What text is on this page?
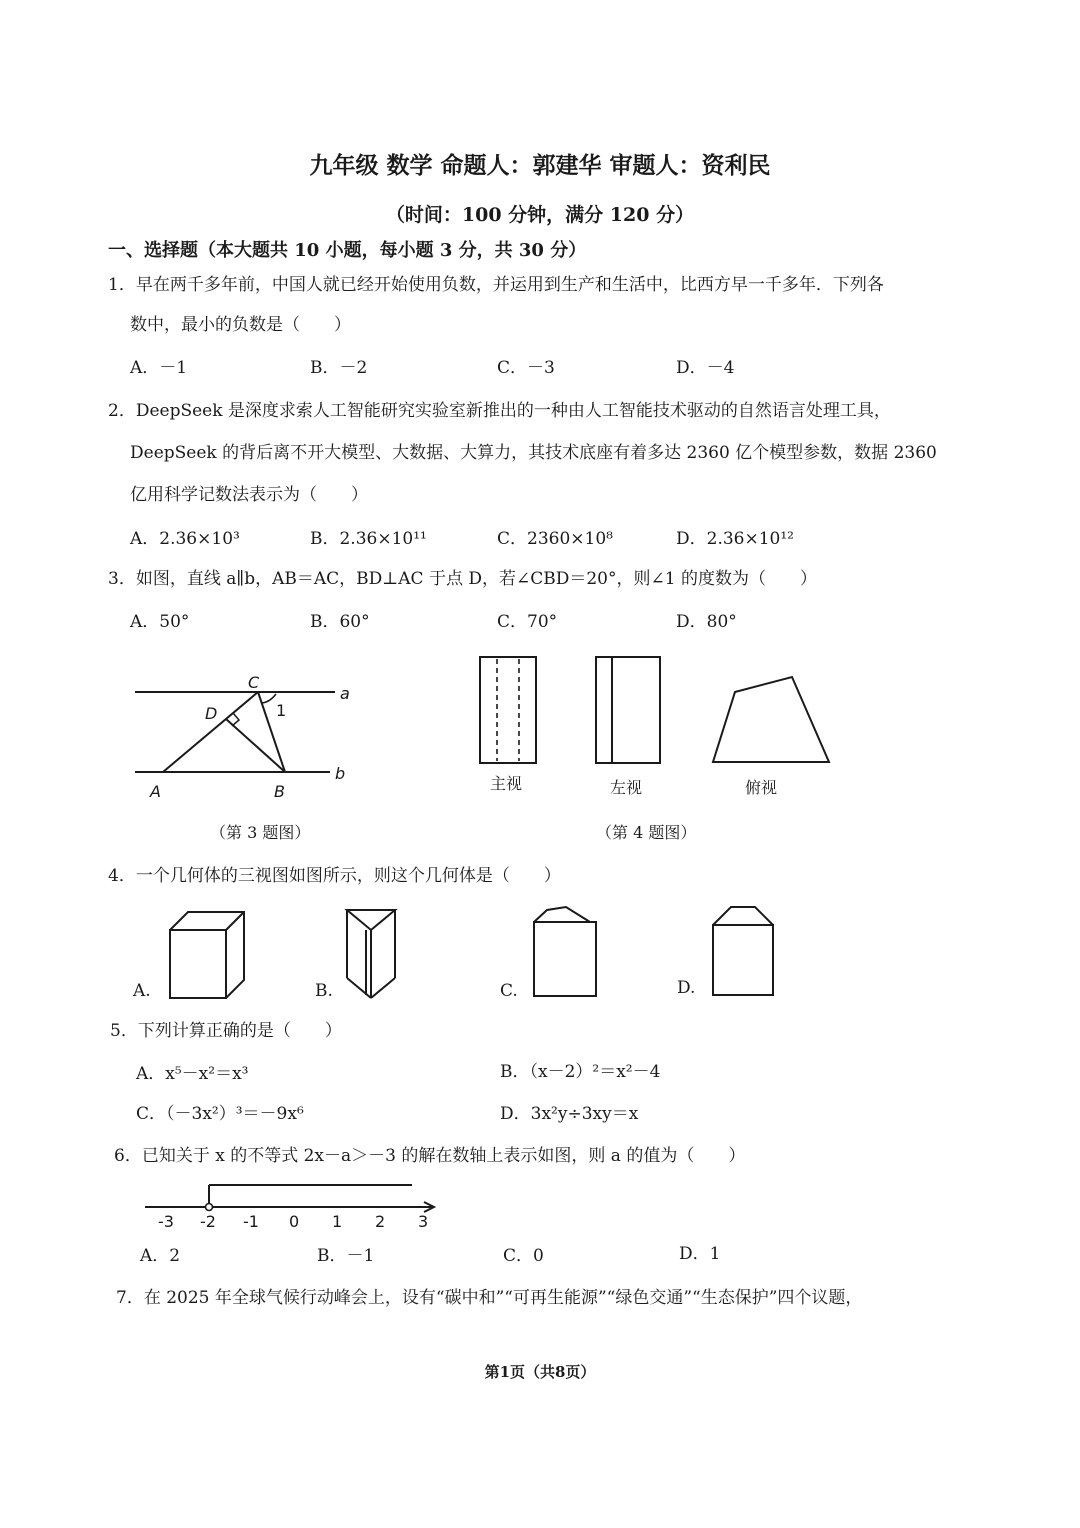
九年级 数学 命题人：郭建华 审题人：资利民
（时间：100 分钟，满分 120 分）
一、选择题（本大题共 10 小题，每小题 3 分，共 30 分）
1．早在两千多年前，中国人就已经开始使用负数，并运用到生产和生活中，比西方早一千多年．下列各
数中，最小的负数是（　　）
A．－1	B．－2	C．－3	D．－4
2．DeepSeek 是深度求索人工智能研究实验室新推出的一种由人工智能技术驱动的自然语言处理工具，
DeepSeek 的背后离不开大模型、大数据、大算力，其技术底座有着多达 2360 亿个模型参数，数据 2360
亿用科学记数法表示为（　　）
A．2.36×10³	B．2.36×10¹¹	C．2360×10⁸	D．2.36×10¹²
3．如图，直线 a∥b，AB＝AC，BD⊥AC 于点 D，若∠CBD＝20°，则∠1 的度数为（　　）
A．50°	B．60°	C．70°	D．80°
C
D	1
a
b
A	B
（第 3 题图）
主视	左视	俯视
（第 4 题图）
4．一个几何体的三视图如图所示，则这个几何体是（　　）
A.	B.	C.	D.
5．下列计算正确的是（　　）
A．x⁵－x²＝x³	B．（x－2）²＝x²－4
C．（－3x²）³＝－9x⁶	D．3x²y÷3xy＝x
6．已知关于 x 的不等式 2x－a＞－3 的解在数轴上表示如图，则 a 的值为（　　）
-3 -2 -1 0 1 2 3
A．2	B．－1	C．0	D．1
7．在 2025 年全球气候行动峰会上，设有“碳中和”“可再生能源”“绿色交通”“生态保护”四个议题，
第1页（共8页）
